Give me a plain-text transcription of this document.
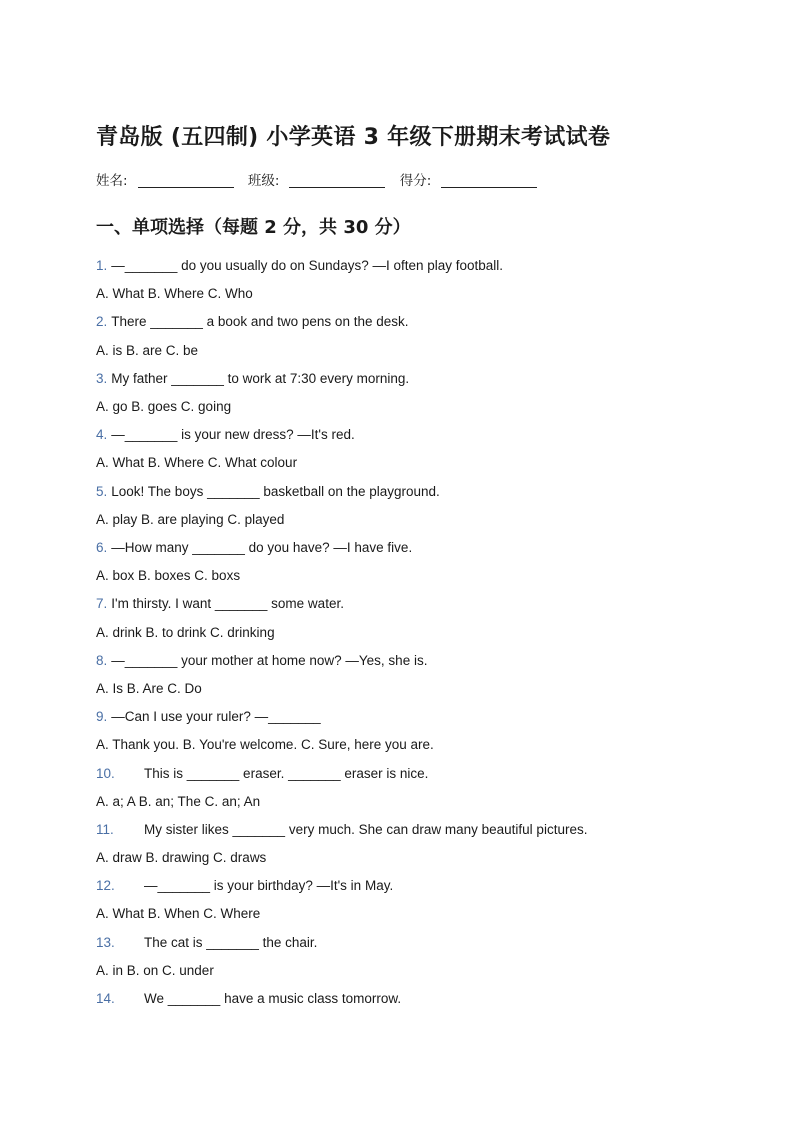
青岛版 (五四制) 小学英语 3 年级下册期末考试试卷
姓名:	班级:	得分:
一、单项选择（每题 2 分，共 30 分）
1. —_______ do you usually do on Sundays? —I often play football.
A. What B. Where C. Who
2. There _______ a book and two pens on the desk.
A. is B. are C. be
3. My father _______ to work at 7:30 every morning.
A. go B. goes C. going
4. —_______ is your new dress? —It's red.
A. What B. Where C. What colour
5. Look! The boys _______ basketball on the playground.
A. play B. are playing C. played
6. —How many _______ do you have? —I have five.
A. box B. boxes C. boxs
7. I'm thirsty. I want _______ some water.
A. drink B. to drink C. drinking
8. —_______ your mother at home now? —Yes, she is.
A. Is B. Are C. Do
9. —Can I use your ruler? —_______
A. Thank you. B. You're welcome. C. Sure, here you are.
10. This is _______ eraser. _______ eraser is nice.
A. a; A B. an; The C. an; An
11. My sister likes _______ very much. She can draw many beautiful pictures.
A. draw B. drawing C. draws
12. —_______ is your birthday? —It's in May.
A. What B. When C. Where
13. The cat is _______ the chair.
A. in B. on C. under
14. We _______ have a music class tomorrow.
